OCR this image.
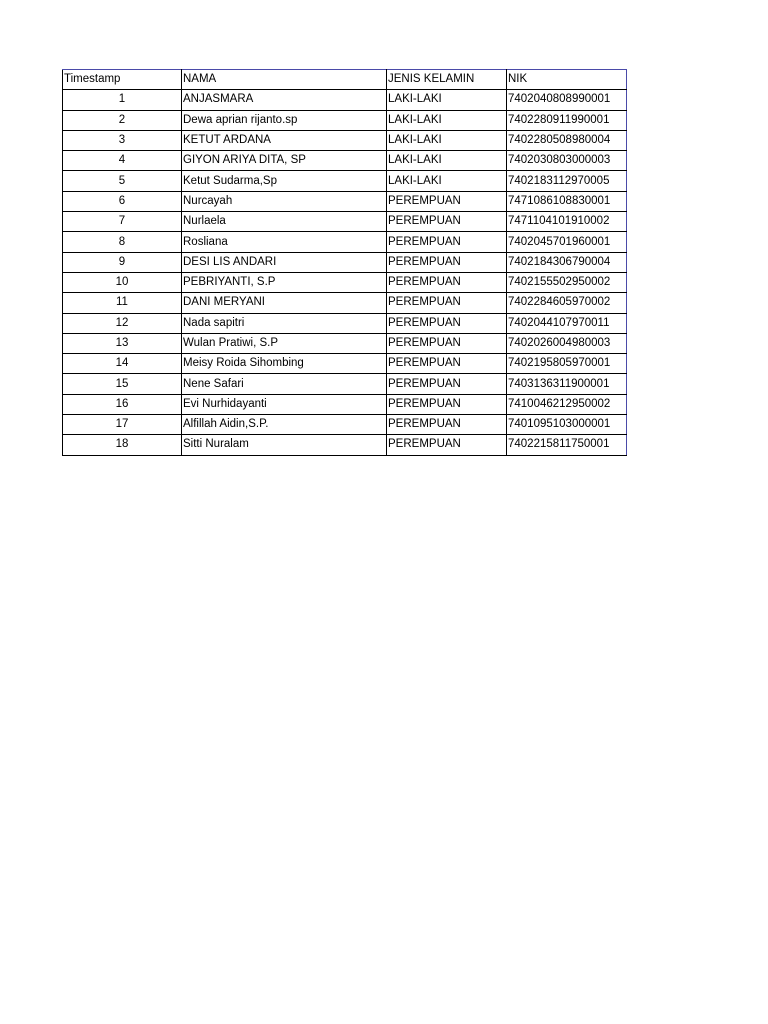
Timestamp	NAMA	JENIS KELAMIN	NIK
1	ANJASMARA	LAKI-LAKI	7402040808990001
2	Dewa aprian rijanto.sp	LAKI-LAKI	7402280911990001
3	KETUT ARDANA	LAKI-LAKI	7402280508980004
4	GIYON ARIYA DITA, SP	LAKI-LAKI	7402030803000003
5	Ketut Sudarma,Sp	LAKI-LAKI	7402183112970005
6	Nurcayah	PEREMPUAN	7471086108830001
7	Nurlaela	PEREMPUAN	7471104101910002
8	Rosliana	PEREMPUAN	7402045701960001
9	DESI LIS ANDARI	PEREMPUAN	7402184306790004
10	PEBRIYANTI, S.P	PEREMPUAN	7402155502950002
11	DANI MERYANI	PEREMPUAN	7402284605970002
12	Nada sapitri	PEREMPUAN	7402044107970011
13	Wulan Pratiwi, S.P	PEREMPUAN	7402026004980003
14	Meisy Roida Sihombing	PEREMPUAN	7402195805970001
15	Nene Safari	PEREMPUAN	7403136311900001
16	Evi Nurhidayanti	PEREMPUAN	7410046212950002
17	Alfillah Aidin,S.P.	PEREMPUAN	7401095103000001
18	Sitti Nuralam	PEREMPUAN	7402215811750001
